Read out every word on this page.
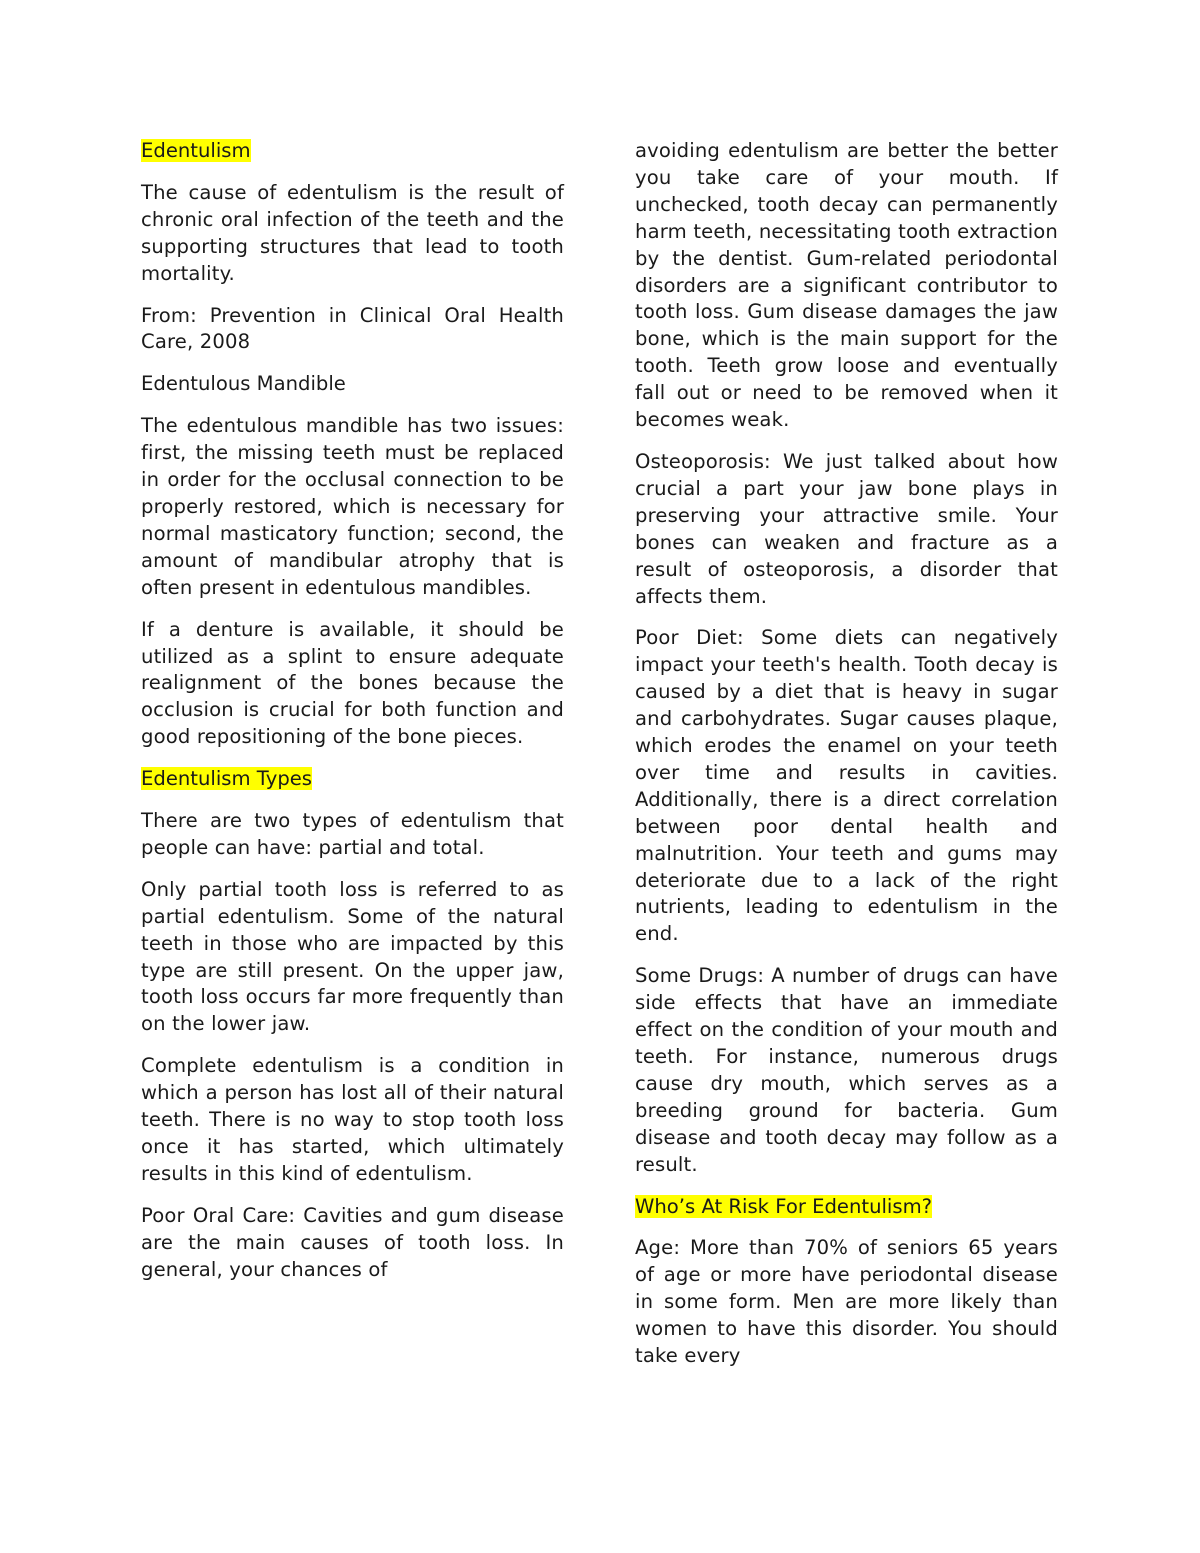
Edentulism

The cause of edentulism is the result of chronic oral infection of the teeth and the supporting structures that lead to tooth mortality.

From: Prevention in Clinical Oral Health Care, 2008

Edentulous Mandible

The edentulous mandible has two issues: first, the missing teeth must be replaced in order for the occlusal connection to be properly restored, which is necessary for normal masticatory function; second, the amount of mandibular atrophy that is often present in edentulous mandibles.

If a denture is available, it should be utilized as a splint to ensure adequate realignment of the bones because the occlusion is crucial for both function and good repositioning of the bone pieces.

Edentulism Types

There are two types of edentulism that people can have: partial and total.

Only partial tooth loss is referred to as partial edentulism. Some of the natural teeth in those who are impacted by this type are still present. On the upper jaw, tooth loss occurs far more frequently than on the lower jaw.

Complete edentulism is a condition in which a person has lost all of their natural teeth. There is no way to stop tooth loss once it has started, which ultimately results in this kind of edentulism.

Poor Oral Care: Cavities and gum disease are the main causes of tooth loss. In general, your chances of

avoiding edentulism are better the better you take care of your mouth. If unchecked, tooth decay can permanently harm teeth, necessitating tooth extraction by the dentist. Gum-related periodontal disorders are a significant contributor to tooth loss. Gum disease damages the jaw bone, which is the main support for the tooth. Teeth grow loose and eventually fall out or need to be removed when it becomes weak.

Osteoporosis: We just talked about how crucial a part your jaw bone plays in preserving your attractive smile. Your bones can weaken and fracture as a result of osteoporosis, a disorder that affects them.

Poor Diet: Some diets can negatively impact your teeth's health. Tooth decay is caused by a diet that is heavy in sugar and carbohydrates. Sugar causes plaque, which erodes the enamel on your teeth over time and results in cavities. Additionally, there is a direct correlation between poor dental health and malnutrition. Your teeth and gums may deteriorate due to a lack of the right nutrients, leading to edentulism in the end.

Some Drugs: A number of drugs can have side effects that have an immediate effect on the condition of your mouth and teeth. For instance, numerous drugs cause dry mouth, which serves as a breeding ground for bacteria. Gum disease and tooth decay may follow as a result.

Who’s At Risk For Edentulism?

Age: More than 70% of seniors 65 years of age or more have periodontal disease in some form. Men are more likely than women to have this disorder. You should take every
